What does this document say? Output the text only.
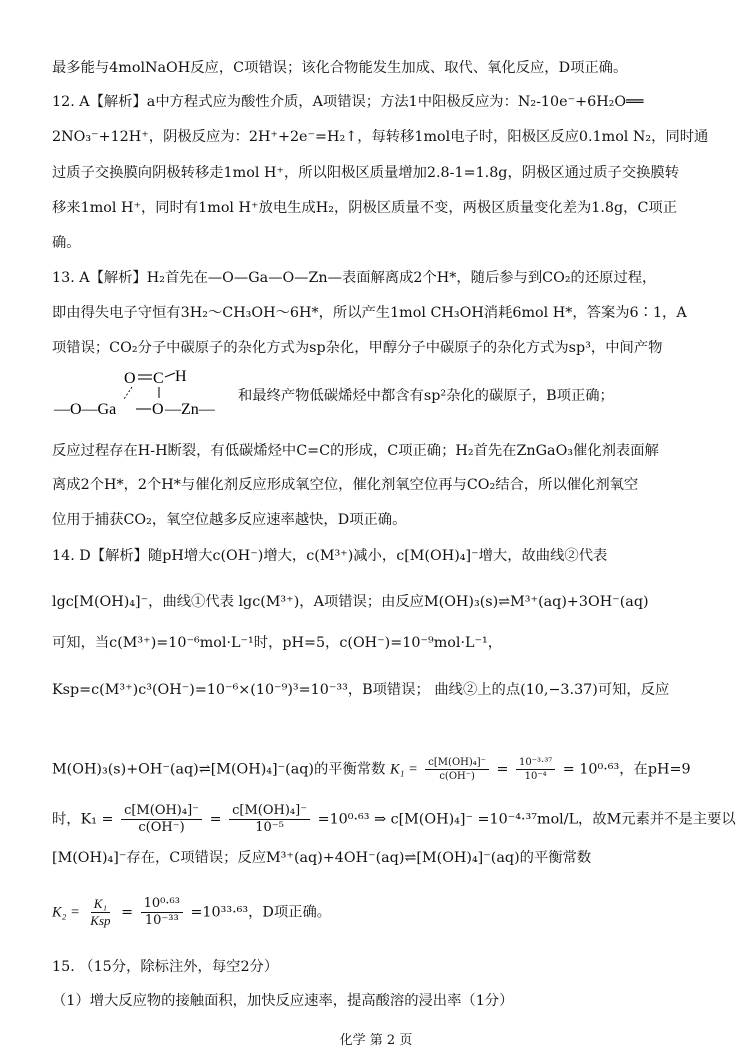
最多能与4molNaOH反应，C项错误；该化合物能发生加成、取代、氧化反应，D项正确。
12. A【解析】a中方程式应为酸性介质，A项错误；方法1中阳极反应为：N₂-10e⁻+6H₂O══
2NO₃⁻+12H⁺，阴极反应为：2H⁺+2e⁻=H₂↑，每转移1mol电子时，阳极区反应0.1mol N₂，同时通
过质子交换膜向阴极转移走1mol H⁺，所以阳极区质量增加2.8-1=1.8g，阴极区通过质子交换膜转
移来1mol H⁺，同时有1mol H⁺放电生成H₂，阴极区质量不变，两极区质量变化差为1.8g，C项正
确。
13. A【解析】H₂首先在—O—Ga—O—Zn—表面解离成2个H*，随后参与到CO₂的还原过程，
即由得失电子守恒有3H₂～CH₃OH～6H*，所以产生1mol CH₃OH消耗6mol H*，答案为6∶1，A
项错误；CO₂分子中碳原子的杂化方式为sp杂化，甲醇分子中碳原子的杂化方式为sp³，中间产物
和最终产物低碳烯烃中都含有sp²杂化的碳原子，B项正确；
反应过程存在H-H断裂，有低碳烯烃中C=C的形成，C项正确；H₂首先在ZnGaO₃催化剂表面解
离成2个H*，2个H*与催化剂反应形成氧空位，催化剂氧空位再与CO₂结合，所以催化剂氧空
位用于捕获CO₂，氧空位越多反应速率越快，D项正确。
14. D【解析】随pH增大c(OH⁻)增大，c(M³⁺)减小，c[M(OH)₄]⁻增大，故曲线②代表
lgc[M(OH)₄]⁻，曲线①代表 lgc(M³⁺)，A项错误；由反应M(OH)₃(s)⇌M³⁺(aq)+3OH⁻(aq)
可知，当c(M³⁺)=10⁻⁶mol·L⁻¹时，pH=5，c(OH⁻)=10⁻⁹mol·L⁻¹，
Ksp=c(M³⁺)c³(OH⁻)=10⁻⁶×(10⁻⁹)³=10⁻³³，B项错误； 曲线②上的点(10,−3.37)可知，反应
O C H
—O—Ga O —Zn—
M(OH)₃(s)+OH⁻(aq)⇌[M(OH)₄]⁻(aq)的平衡常数 $K_1 = \frac{\text{c[M(OH)₄]⁻}}{c(OH^-)} = \frac{\text{10⁻³·³⁷}}{\text{10⁻⁴}} = 10^0\cdot^{63}$，在pH=9
时，$K_1 = \frac{\text{c[M(OH)₄]⁻}}{c(OH^-)} = \frac{\text{c[M(OH)₄]⁻}}{\text{10⁻⁵}} =10^0\cdot^{63}$ ⇒ c[M(OH)₄]⁻ =10⁻⁴·³⁷mol/L，故M元素并不是主要以
[M(OH)₄]⁻存在，C项错误；反应M³⁺(aq)+4OH⁻(aq)⇌[M(OH)₄]⁻(aq)的平衡常数
$K_2 = \frac{\text{K₁}}{\text{Ksp}} = \frac{\text{10⁰·⁶³}}{\text{10⁻³³}} =10^{33}\cdot^{63}$，D项正确。
15. （15分，除标注外，每空2分）
（1）增大反应物的接触面积，加快反应速率，提高酸溶的浸出率（1分）
化学 第 2 页
